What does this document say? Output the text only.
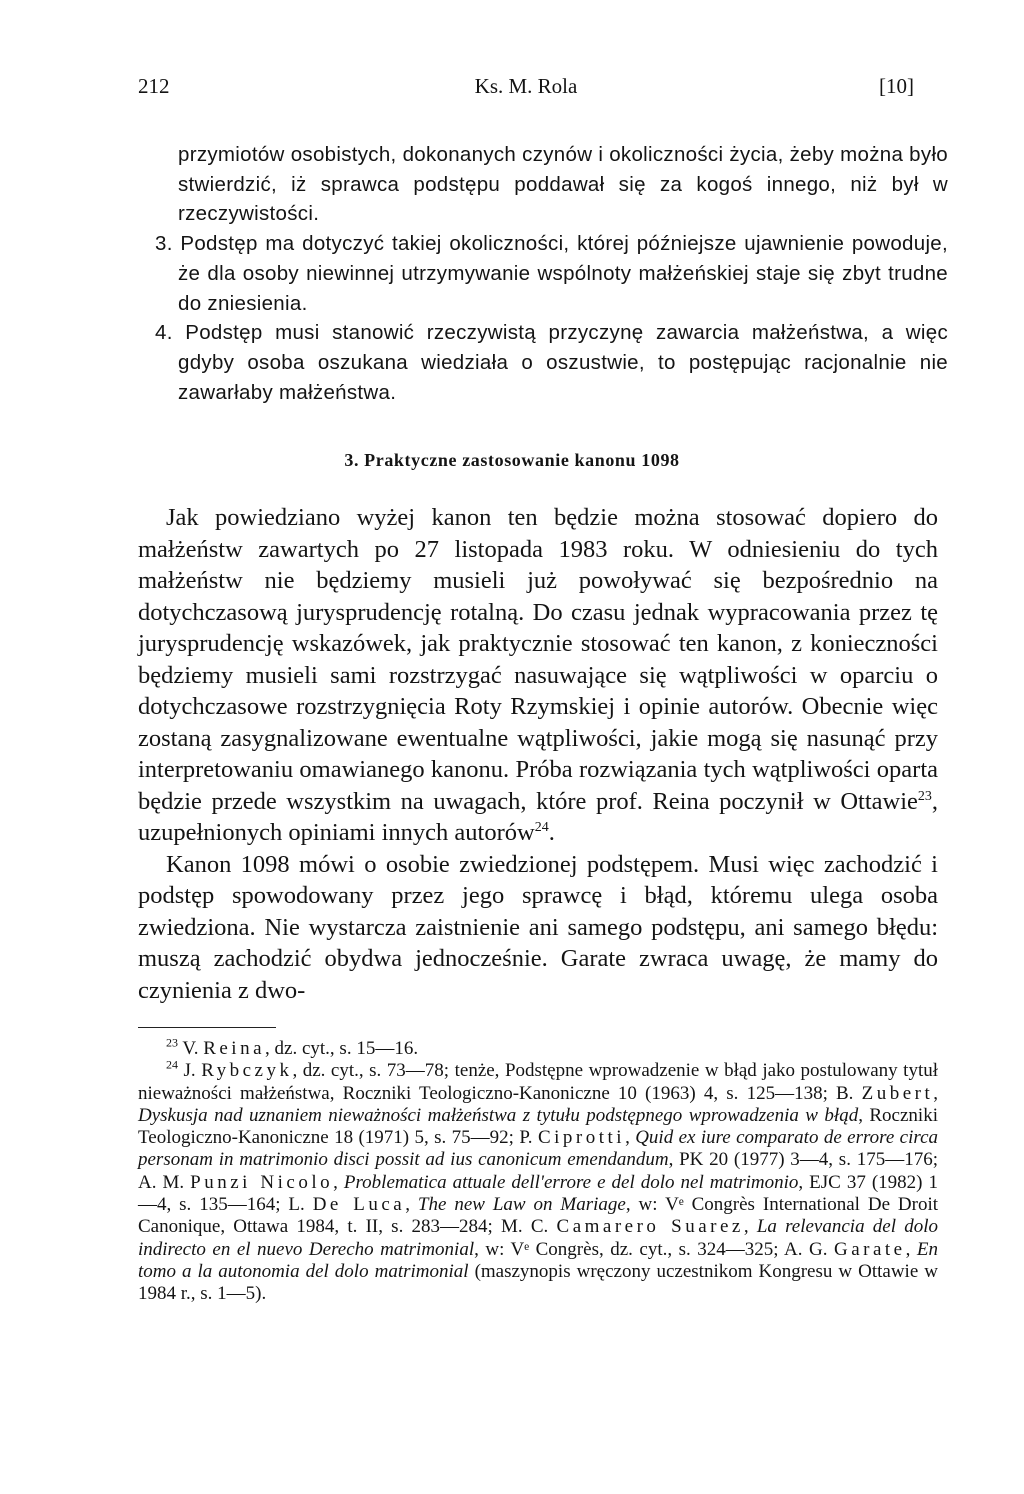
212	Ks. M. Rola	[10]

przymiotów osobistych, dokonanych czynów i okoliczności życia, żeby można było stwierdzić, iż sprawca podstępu poddawał się za kogoś innego, niż był w rzeczywistości.

3. Podstęp ma dotyczyć takiej okoliczności, której późniejsze ujawnienie powoduje, że dla osoby niewinnej utrzymywanie wspólnoty małżeńskiej staje się zbyt trudne do zniesienia.

4. Podstęp musi stanowić rzeczywistą przyczynę zawarcia małżeństwa, a więc gdyby osoba oszukana wiedziała o oszustwie, to postępując racjonalnie nie zawarłaby małżeństwa.

3. Praktyczne zastosowanie kanonu 1098

Jak powiedziano wyżej kanon ten będzie można stosować dopiero do małżeństw zawartych po 27 listopada 1983 roku. W odniesieniu do tych małżeństw nie będziemy musieli już powoływać się bezpośrednio na dotychczasową jurysprudencję rotalną. Do czasu jednak wypracowania przez tę jurysprudencję wskazówek, jak praktycznie stosować ten kanon, z konieczności będziemy musieli sami rozstrzygać nasuwające się wątpliwości w oparciu o dotychczasowe rozstrzygnięcia Roty Rzymskiej i opinie autorów. Obecnie więc zostaną zasygnalizowane ewentualne wątpliwości, jakie mogą się nasunąć przy interpretowaniu omawianego kanonu. Próba rozwiązania tych wątpliwości oparta będzie przede wszystkim na uwagach, które prof. Reina poczynił w Ottawie$^{23}$, uzupełnionych opiniami innych autorów$^{24}$.

Kanon 1098 mówi o osobie zwiedzionej podstępem. Musi więc zachodzić i podstęp spowodowany przez jego sprawcę i błąd, któremu ulega osoba zwiedziona. Nie wystarcza zaistnienie ani samego podstępu, ani samego błędu: muszą zachodzić obydwa jednocześnie. Garate zwraca uwagę, że mamy do czynienia z dwo-

$^{23}$ V. Reina, dz. cyt., s. 15—16.

$^{24}$ J. Rybczyk, dz. cyt., s. 73—78; tenże, Podstępne wprowadzenie w błąd jako postulowany tytuł nieważności małżeństwa, Roczniki Teologiczno-Kanoniczne 10 (1963) 4, s. 125—138; B. Zubert, Dyskusja nad uznaniem nieważności małżeństwa z tytułu podstępnego wprowadzenia w błąd, Roczniki Teologiczno-Kanoniczne 18 (1971) 5, s. 75—92; P. Ciprotti, Quid ex iure comparato de errore circa personam in matrimonio disci possit ad ius canonicum emendandum, PK 20 (1977) 3—4, s. 175—176; A. M. Punzi Nicolo, Problematica attuale dell'errore e del dolo nel matrimonio, EJC 37 (1982) 1—4, s. 135—164; L. De Luca, The new Law on Mariage, w: Vᵉ Congrès International De Droit Canonique, Ottawa 1984, t. II, s. 283—284; M. C. Camarero Suarez, La relevancia del dolo indirecto en el nuevo Derecho matrimonial, w: Vᵉ Congrès, dz. cyt., s. 324—325; A. G. Garate, En tomo a la autonomia del dolo matrimonial (maszynopis wręczony uczestnikom Kongresu w Ottawie w 1984 r., s. 1—5).
